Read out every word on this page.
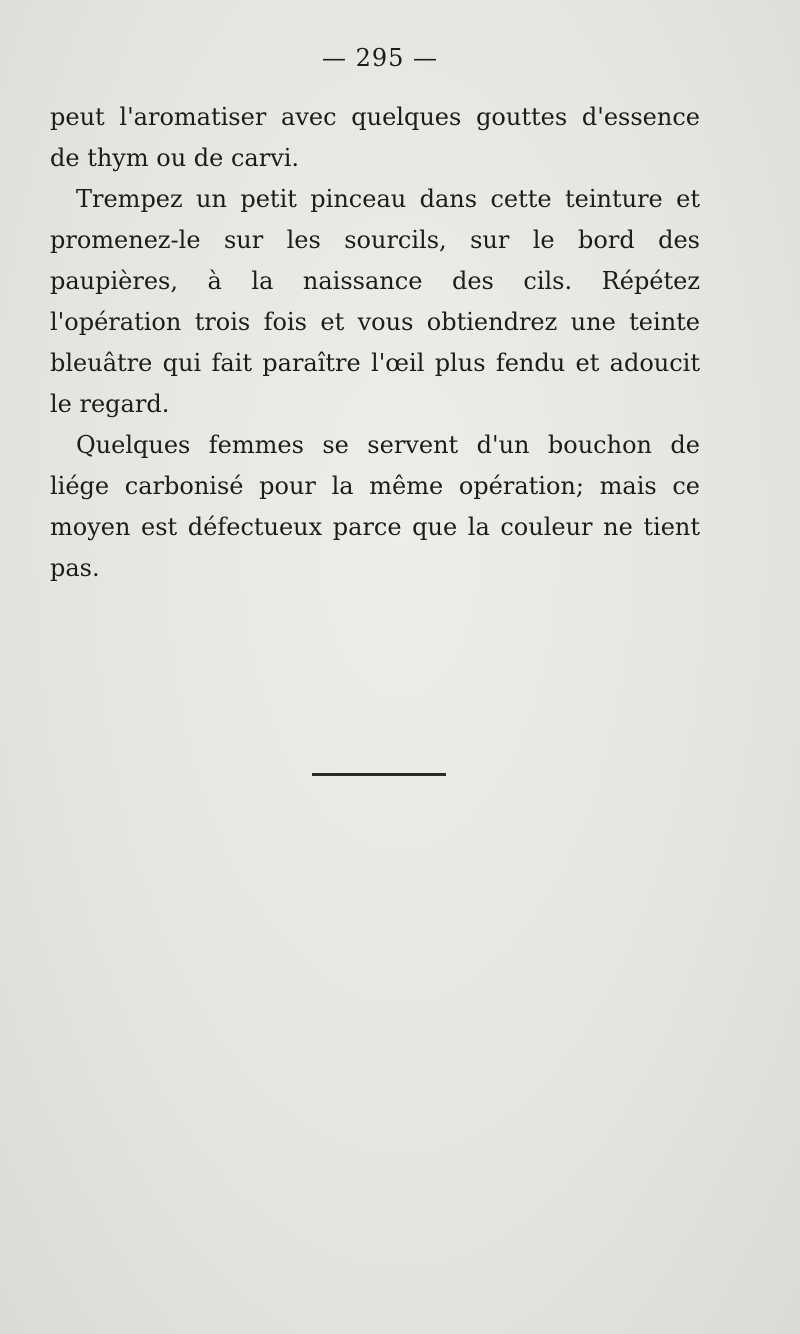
— 295 —

peut l'aromatiser avec quelques gouttes d'essence de thym ou de carvi.

Trempez un petit pinceau dans cette teinture et promenez-le sur les sourcils, sur le bord des paupières, à la naissance des cils. Répétez l'opération trois fois et vous obtiendrez une teinte bleuâtre qui fait paraître l'œil plus fendu et adoucit le regard.

Quelques femmes se servent d'un bouchon de liége carbonisé pour la même opération; mais ce moyen est défectueux parce que la couleur ne tient pas.
